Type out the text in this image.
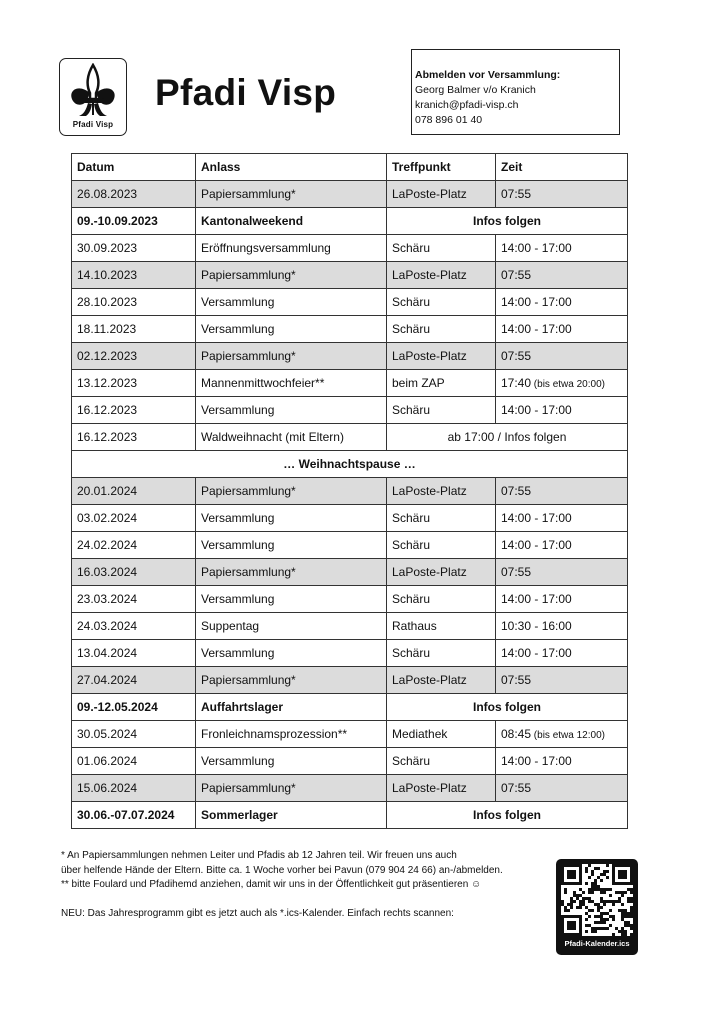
Pfadi Visp
Pfadi Visp	Abmelden vor Versammlung:
Georg Balmer v/o Kranich
kranich@pfadi-visp.ch
078 896 01 40
Datum	Anlass	Treffpunkt	Zeit
26.08.2023	Papiersammlung*	LaPoste-Platz	07:55
09.-10.09.2023	Kantonalweekend	Infos folgen	
30.09.2023	Eröffnungsversammlung	Schäru	14:00 - 17:00
14.10.2023	Papiersammlung*	LaPoste-Platz	07:55
28.10.2023	Versammlung	Schäru	14:00 - 17:00
18.11.2023	Versammlung	Schäru	14:00 - 17:00
02.12.2023	Papiersammlung*	LaPoste-Platz	07:55
13.12.2023	Mannenmittwochfeier**	beim ZAP	17:40 (bis etwa 20:00)
16.12.2023	Versammlung	Schäru	14:00 - 17:00
16.12.2023	Waldweihnacht (mit Eltern)	ab 17:00 / Infos folgen	
… Weihnachtspause …			
20.01.2024	Papiersammlung*	LaPoste-Platz	07:55
03.02.2024	Versammlung	Schäru	14:00 - 17:00
24.02.2024	Versammlung	Schäru	14:00 - 17:00
16.03.2024	Papiersammlung*	LaPoste-Platz	07:55
23.03.2024	Versammlung	Schäru	14:00 - 17:00
24.03.2024	Suppentag	Rathaus	10:30 - 16:00
13.04.2024	Versammlung	Schäru	14:00 - 17:00
27.04.2024	Papiersammlung*	LaPoste-Platz	07:55
09.-12.05.2024	Auffahrtslager	Infos folgen	
30.05.2024	Fronleichnamsprozession**	Mediathek	08:45 (bis etwa 12:00)
01.06.2024	Versammlung	Schäru	14:00 - 17:00
15.06.2024	Papiersammlung*	LaPoste-Platz	07:55
30.06.-07.07.2024	Sommerlager	Infos folgen	

* An Papiersammlungen nehmen Leiter und Pfadis ab 12 Jahren teil. Wir freuen uns auch

über helfende Hände der Eltern. Bitte ca. 1 Woche vorher bei Pavun (079 904 24 66) an-/abmelden.

** bitte Foulard und Pfadihemd anziehen, damit wir uns in der Öffentlichkeit gut präsentieren ☺

NEU: Das Jahresprogramm gibt es jetzt auch als *.ics-Kalender. Einfach rechts scannen:

Pfadi-Kalender.ics
